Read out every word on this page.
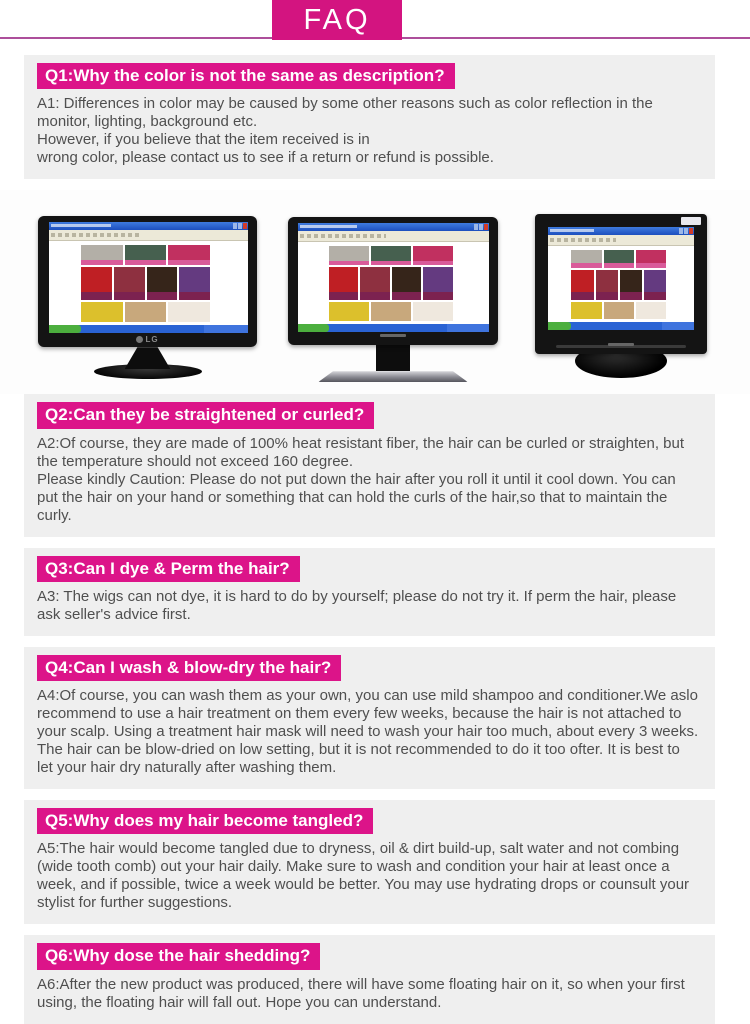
FAQ
Q1:Why the color is not the same as description?
A1: Differences in color may be caused by some other reasons such as color reflection in the monitor, lighting, background etc.
However, if you believe that the item received is in
wrong color, please contact us to see if a return or refund is possible.
LG
Q2:Can they be straightened or curled?
A2:Of course, they are made of 100% heat resistant fiber, the hair can be curled or straighten, but the temperature should not exceed 160 degree.
Please kindly Caution: Please do not put down the hair after you roll it until it cool down. You can put the hair on your hand or something that can hold the curls of the hair,so that to maintain the curly.
Q3:Can I dye & Perm the hair?
A3: The wigs can not dye, it is hard to do by yourself; please do not try it. If perm the hair, please ask seller's advice first.
Q4:Can I wash & blow-dry the hair?
A4:Of course, you can wash them as your own, you can use mild shampoo and conditioner.We aslo recommend to use a hair treatment on them every few weeks, because the hair is not attached to your scalp. Using a treatment hair mask will need to wash your hair too much, about every 3 weeks. The hair can be blow-dried on low setting, but it is not recommended to do it too ofter. It is best to let your hair dry naturally after washing them.
Q5:Why does my hair become tangled?
A5:The hair would become tangled due to dryness, oil & dirt build-up, salt water and not combing (wide tooth comb) out your hair daily. Make sure to wash and condition your hair at least once a week, and if possible, twice a week would be better. You may use hydrating drops or counsult your stylist for further suggestions.
Q6:Why dose the hair shedding?
A6:After the new product was produced, there will have some floating hair on it, so when your first using, the floating hair will fall out. Hope you can understand.
